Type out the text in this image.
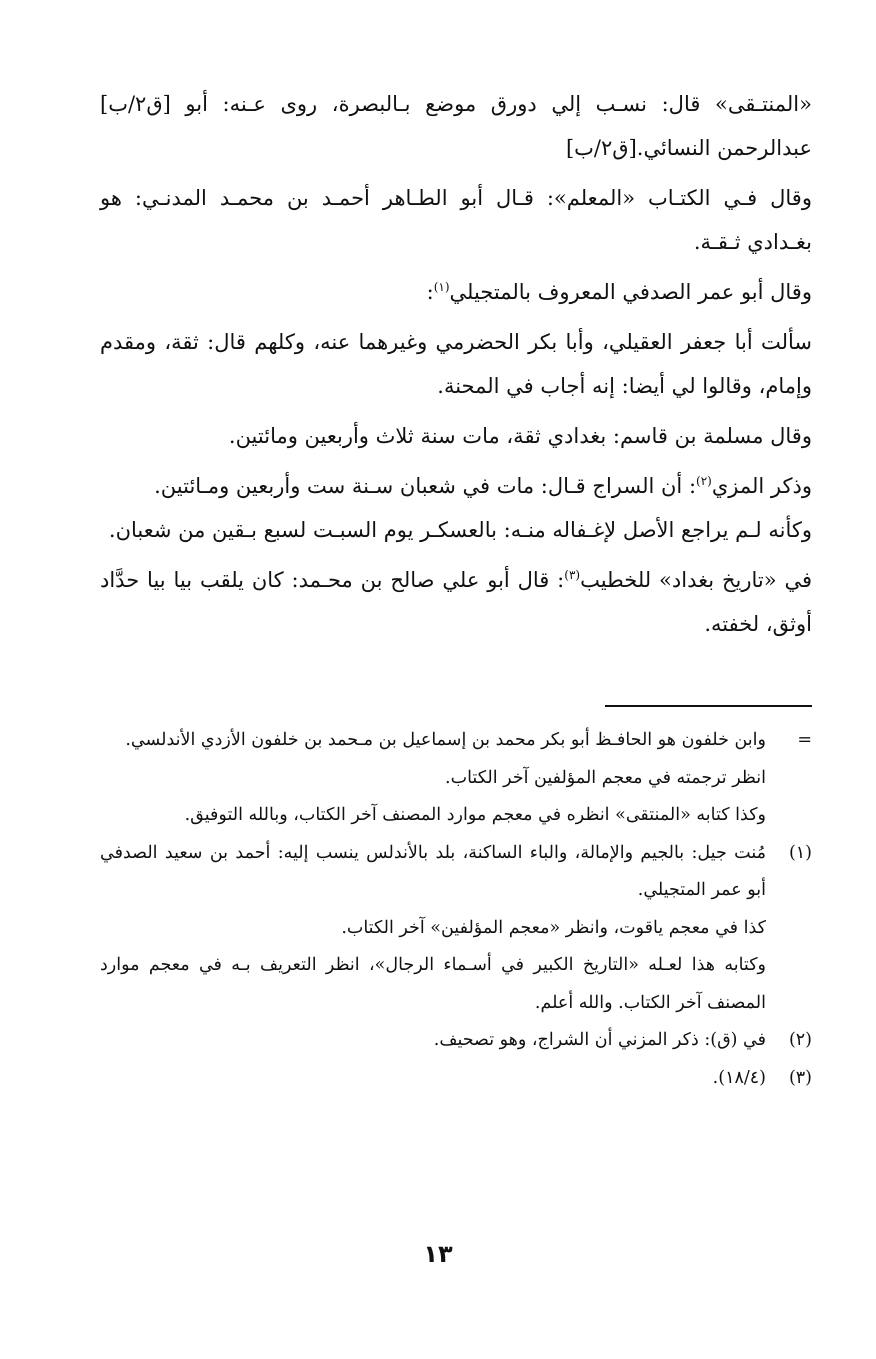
«المنتـقى» قال: نسـب إلي دورق موضع بـالبصرة، روى عـنه: أبو [ق٢/ب] عبدالرحمن النسائي.[ق٢/ب]

وقال فـي الكتـاب «المعلم»: قـال أبو الطـاهر أحمـد بن محمـد المدنـي: هو بغـدادي ثـقـة.

وقال أبو عمر الصدفي المعروف بالمتجيلي$^{(١)}$:

سألت أبا جعفر العقيلي، وأبا بكر الحضرمي وغيرهما عنه، وكلهم قال: ثقة، ومقدم وإمام، وقالوا لي أيضا: إنه أجاب في المحنة.

وقال مسلمة بن قاسم: بغدادي ثقة، مات سنة ثلاث وأربعين ومائتين.

وذكر المزي$^{(٢)}$: أن السراج قـال: مات في شعبان سـنة ست وأربعين ومـائتين.

وكأنه لـم يراجع الأصل لإغـفاله منـه: بالعسكـر يوم السبـت لسبع بـقين من شعبان.

في «تاريخ بغداد» للخطيب$^{(٣)}$: قال أبو علي صالح بن محـمد: كان يلقب بيا بيا حدَّاد أوثق، لخفته.

=

وابن خلفون هو الحافـظ أبو بكر محمد بن إسماعيل بن مـحمد بن خلفون الأزدي الأندلسي.

انظر ترجمته في معجم المؤلفين آخر الكتاب.

وكذا كتابه «المنتقى» انظره في معجم موارد المصنف آخر الكتاب، وبالله التوفيق.

(١)

مُنت جيل: بالجيم والإمالة، والباء الساكنة، بلد بالأندلس ينسب إليه: أحمد بن سعيد الصدفي أبو عمر المتجيلي.

كذا في معجم ياقوت، وانظر «معجم المؤلفين» آخر الكتاب.

وكتابه هذا لعـله «التاريخ الكبير في أسـماء الرجال»، انظر التعريف بـه في معجم موارد المصنف آخر الكتاب. والله أعلم.

(٢)

في (ق): ذكر المزني أن الشراج، وهو تصحيف.

(٣)

(١٨/٤).

١٣
